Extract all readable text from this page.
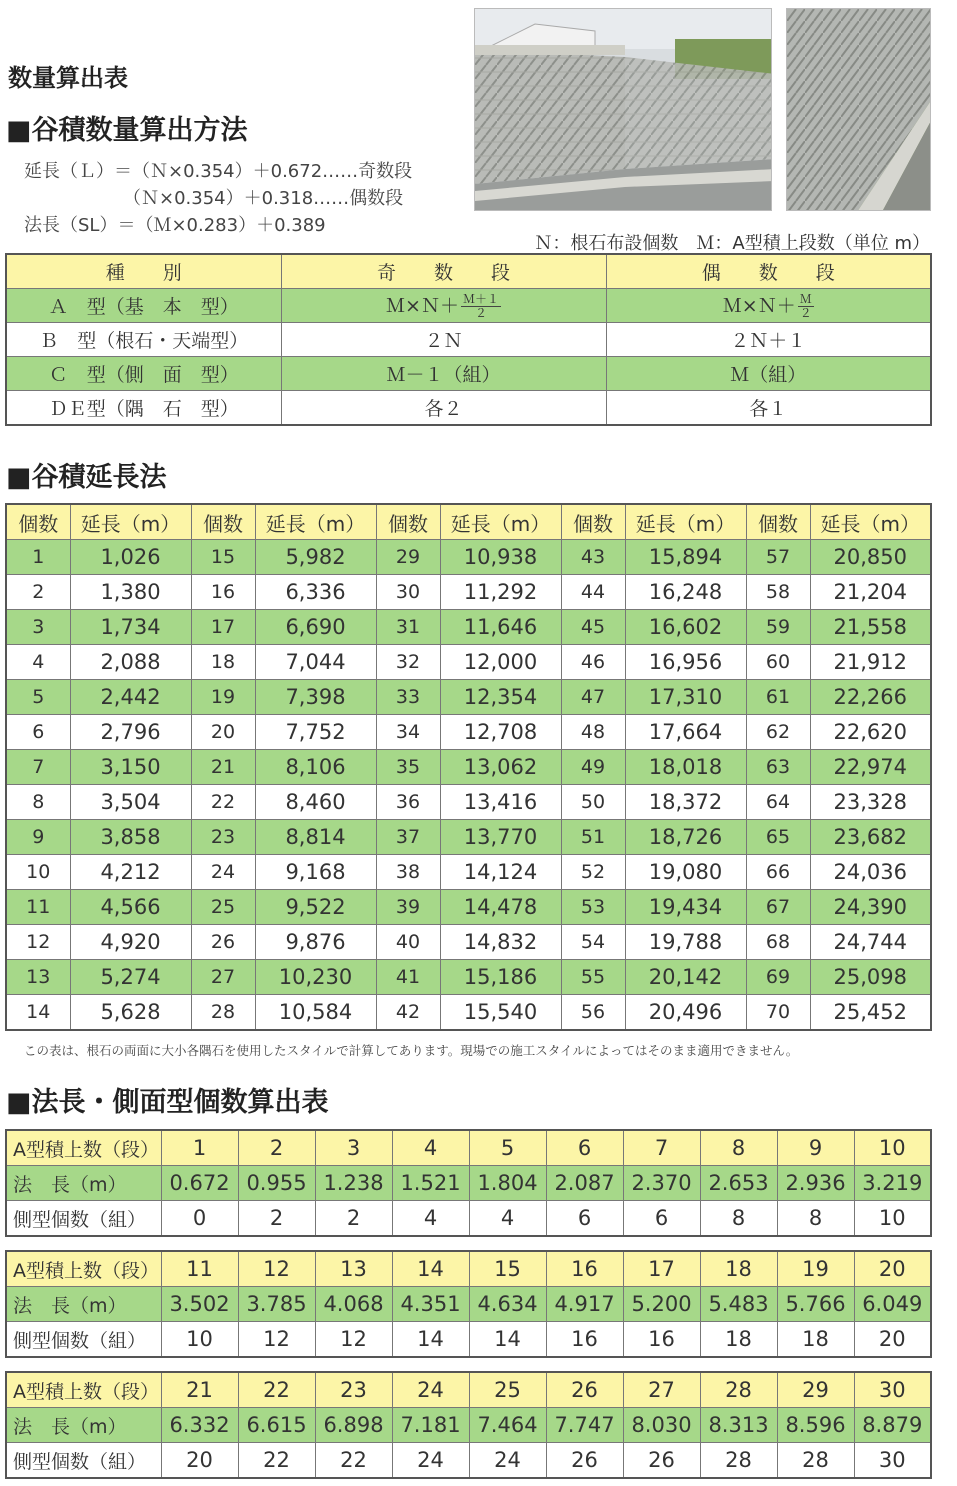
数量算出表
■谷積数量算出方法
延長（Ｌ）＝（Ｎ×0.354）＋0.672……奇数段
　　　　　　（Ｎ×0.354）＋0.318……偶数段
法長（SL）＝（Ｍ×0.283）＋0.389
Ｎ：根石布設個数　Ｍ：A型積上段数（単位 m）
種　　別	奇　　数　　段	偶　　数　　段
Ａ　型（基　本　型）	Ｍ×Ｎ＋ $\frac{\text{Ｍ＋１}}{2}$	Ｍ×Ｎ＋ $\frac{\text{Ｍ}}{2}$

Ｂ　型（根石・天端型）	２Ｎ	２Ｎ＋１
Ｃ　型（側　面　型）	Ｍ－１（組）	Ｍ（組）
ＤＥ型（隅　石　型）	各２	各１
■谷積延長法
個数	延長（m）	個数	延長（m）	個数	延長（m）	個数	延長（m）	個数	延長（m）
1	1,026	15	5,982	29	10,938	43	15,894	57	20,850
2	1,380	16	6,336	30	11,292	44	16,248	58	21,204
3	1,734	17	6,690	31	11,646	45	16,602	59	21,558
4	2,088	18	7,044	32	12,000	46	16,956	60	21,912
5	2,442	19	7,398	33	12,354	47	17,310	61	22,266
6	2,796	20	7,752	34	12,708	48	17,664	62	22,620
7	3,150	21	8,106	35	13,062	49	18,018	63	22,974
8	3,504	22	8,460	36	13,416	50	18,372	64	23,328
9	3,858	23	8,814	37	13,770	51	18,726	65	23,682
10	4,212	24	9,168	38	14,124	52	19,080	66	24,036
11	4,566	25	9,522	39	14,478	53	19,434	67	24,390
12	4,920	26	9,876	40	14,832	54	19,788	68	24,744
13	5,274	27	10,230	41	15,186	55	20,142	69	25,098
14	5,628	28	10,584	42	15,540	56	20,496	70	25,452
この表は、根石の両面に大小各隅石を使用したスタイルで計算してあります。現場での施工スタイルによってはそのまま適用できません。
■法長・側面型個数算出表
A型積上数（段）	1	2	3	4	5	6	7	8	9	10
法　長（m）	0.672	0.955	1.238	1.521	1.804	2.087	2.370	2.653	2.936	3.219
側型個数（組）	0	2	2	4	4	6	6	8	8	10
A型積上数（段）	11	12	13	14	15	16	17	18	19	20
法　長（m）	3.502	3.785	4.068	4.351	4.634	4.917	5.200	5.483	5.766	6.049
側型個数（組）	10	12	12	14	14	16	16	18	18	20
A型積上数（段）	21	22	23	24	25	26	27	28	29	30
法　長（m）	6.332	6.615	6.898	7.181	7.464	7.747	8.030	8.313	8.596	8.879
側型個数（組）	20	22	22	24	24	26	26	28	28	30
